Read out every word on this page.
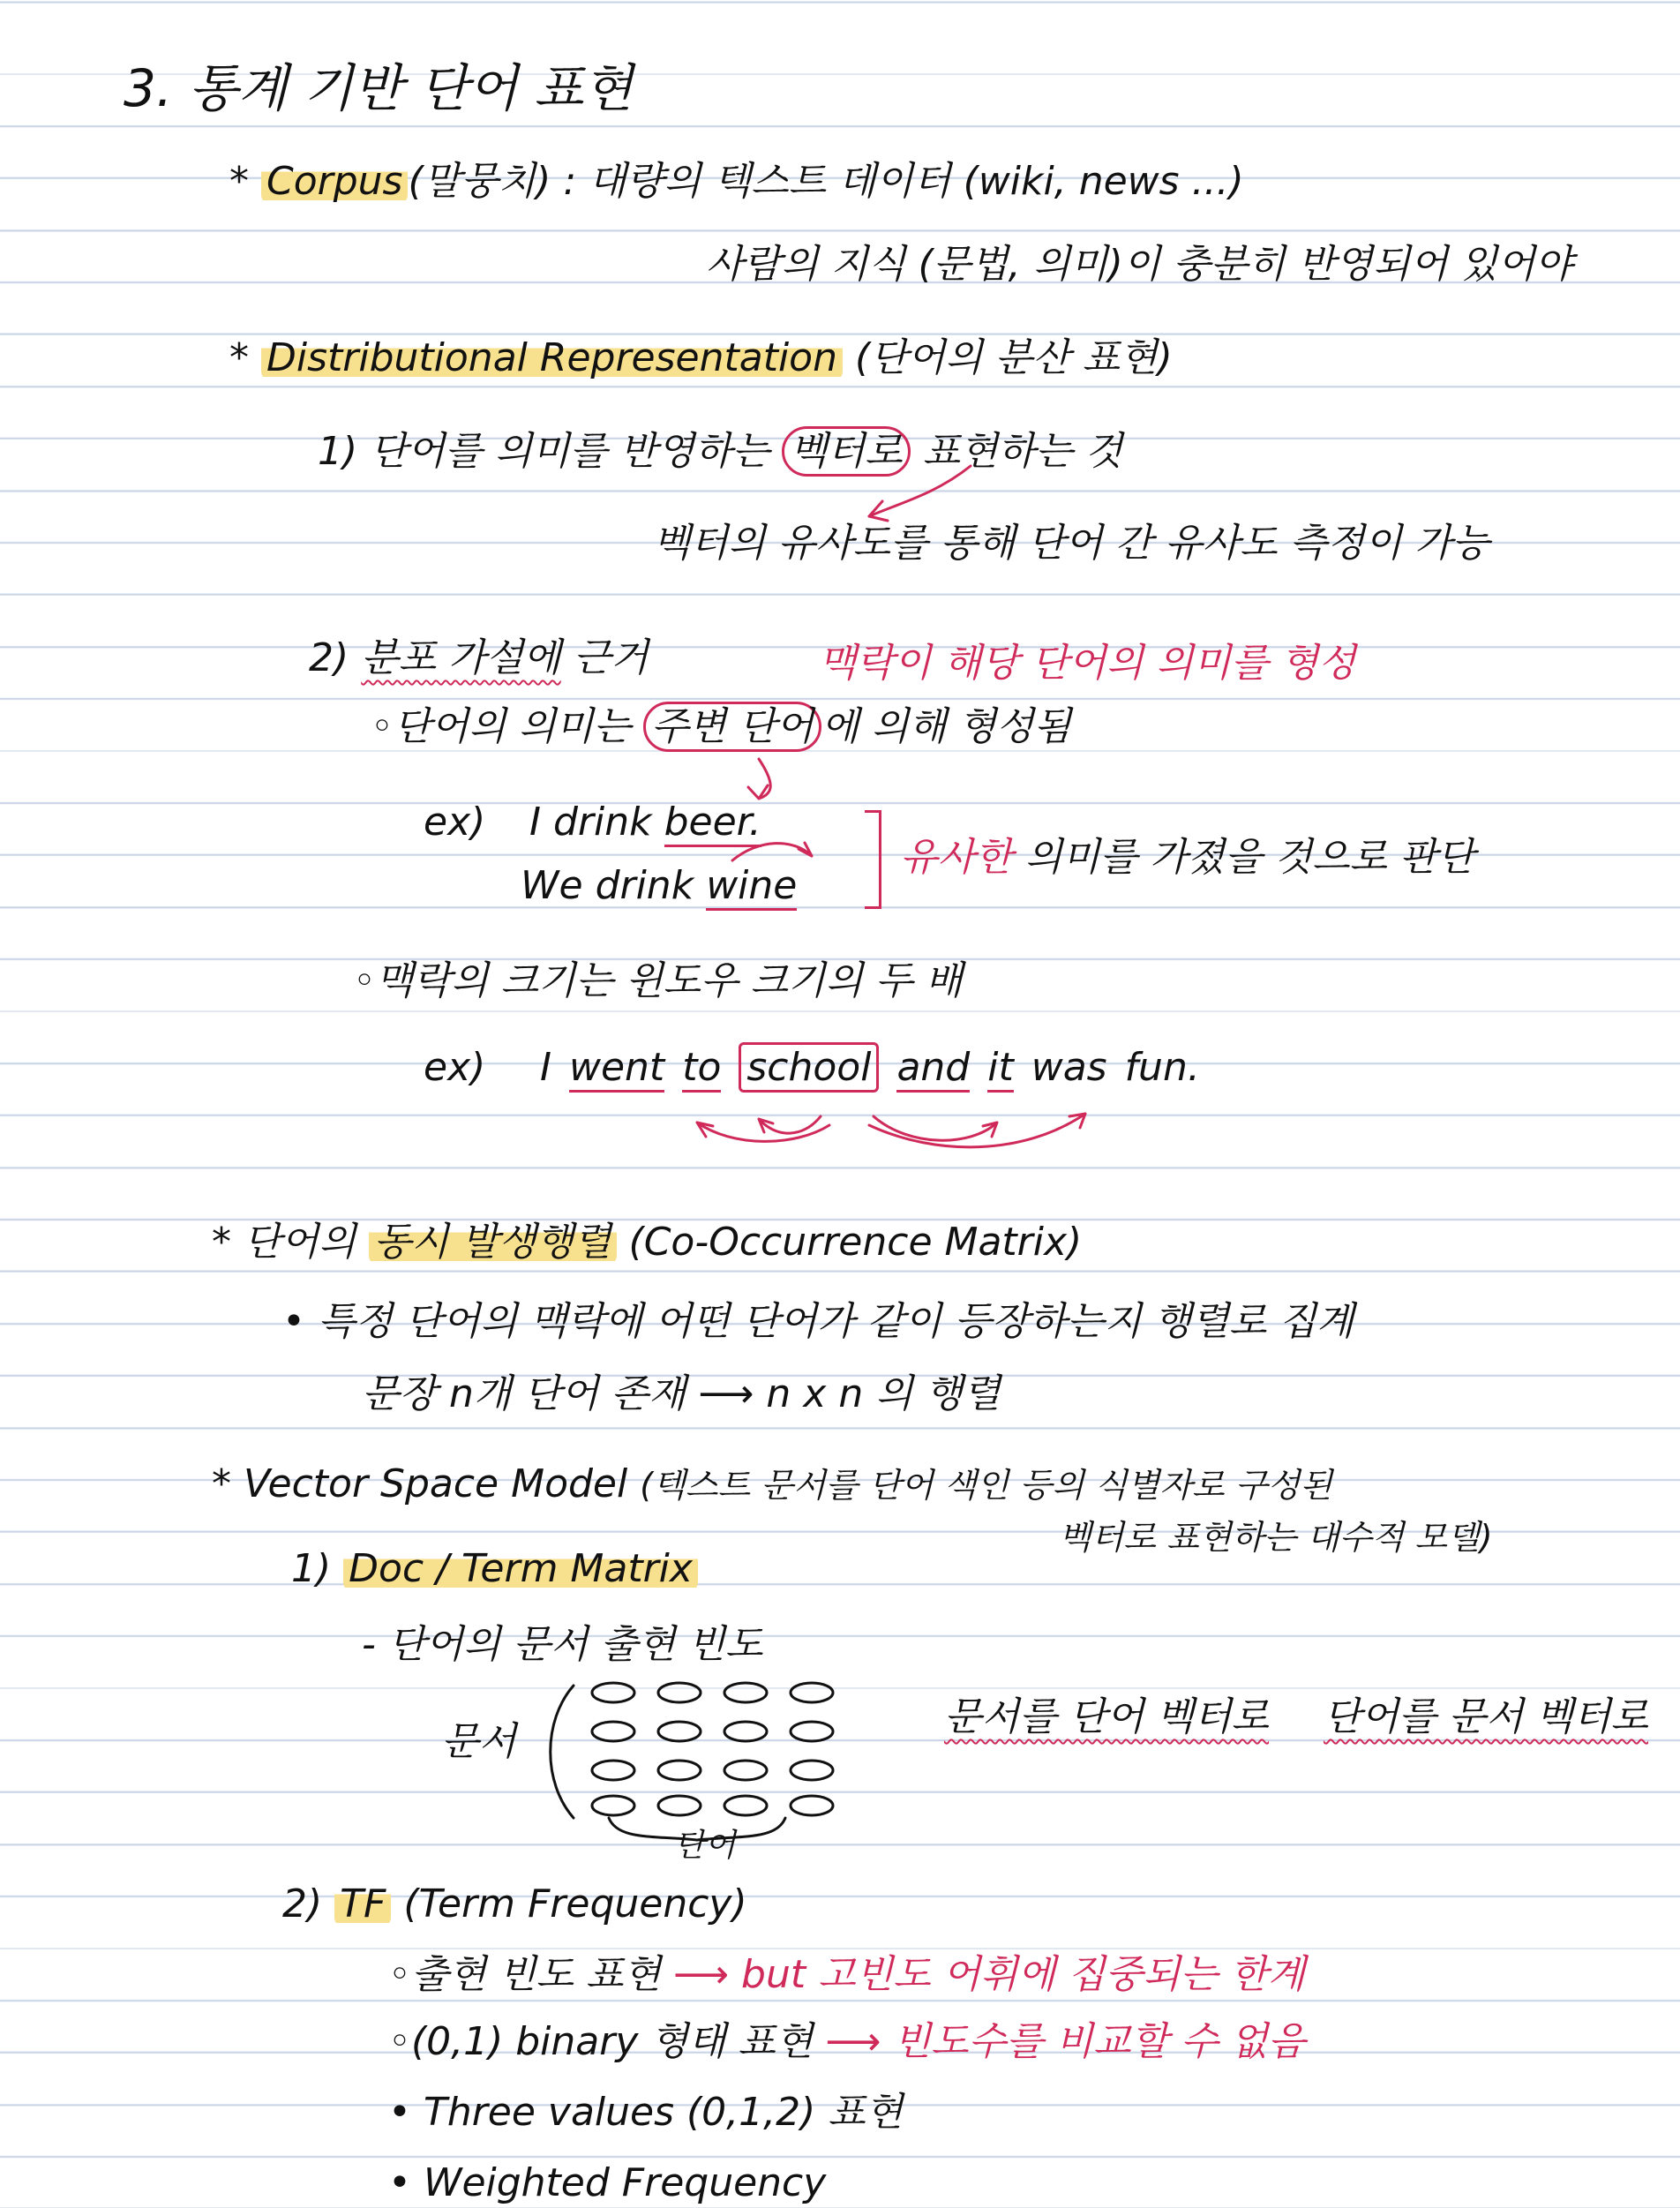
3. 통계 기반 단어 표현
* Corpus (말뭉치) : 대량의 텍스트 데이터 (wiki, news ...)
사람의 지식 (문법, 의미)이 충분히 반영되어 있어야
* Distributional Representation (단어의 분산 표현)
1) 단어를 의미를 반영하는 벡터로 표현하는 것
벡터의 유사도를 통해 단어 간 유사도 측정이 가능
2) 분포 가설에 근거	맥락이 해당 단어의 의미를 형성
◦단어의 의미는 주변 단어 에 의해 형성됨
ex) I drink beer.
We drink wine
유사한 의미를 가졌을 것으로 판단
◦맥락의 크기는 윈도우 크기의 두 배
ex) I went to school and it was fun.
* 단어의 동시 발생행렬 (Co-Occurrence Matrix)
• 특정 단어의 맥락에 어떤 단어가 같이 등장하는지 행렬로 집계
문장 n개 단어 존재 ⟶ n x n 의 행렬
* Vector Space Model (텍스트 문서를 단어 색인 등의 식별자로 구성된
벡터로 표현하는 대수적 모델)
1) Doc / Term Matrix
- 단어의 문서 출현 빈도
문서
단어
문서를 단어 벡터로 단어를 문서 벡터로
2) TF (Term Frequency)
◦출현 빈도 표현 ⟶ but 고빈도 어휘에 집중되는 한계
◦(0,1) binary 형태 표현 ⟶ 빈도수를 비교할 수 없음
• Three values (0,1,2) 표현
• Weighted Frequency
